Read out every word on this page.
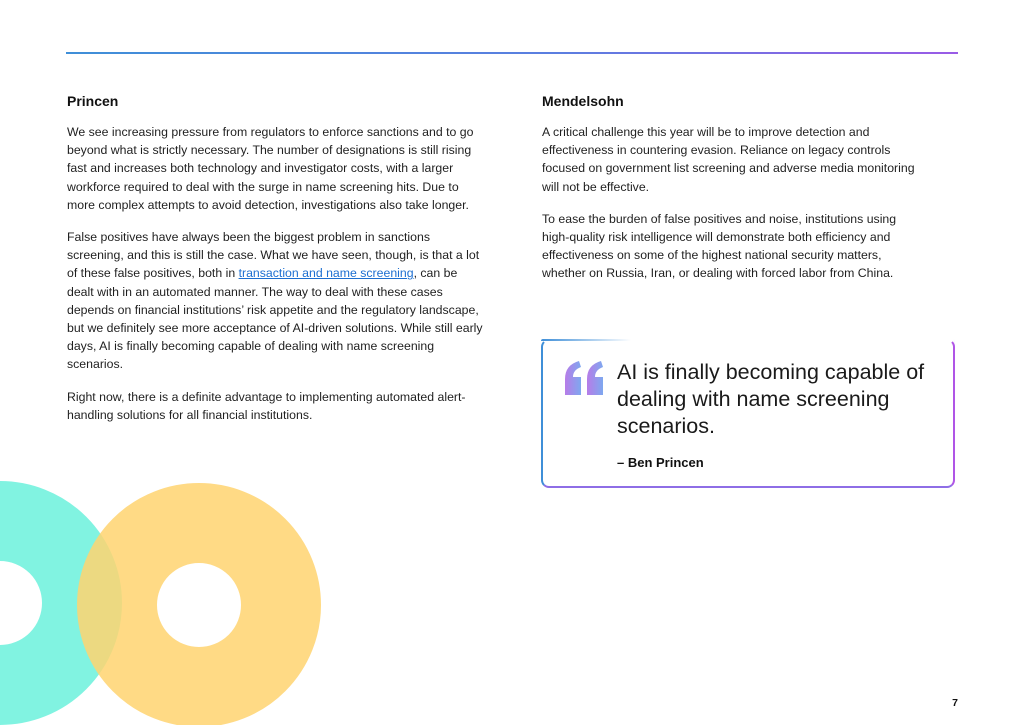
Princen

We see increasing pressure from regulators to enforce sanctions and to go beyond what is strictly necessary. The number of designations is still rising fast and increases both technology and investigator costs, with a larger workforce required to deal with the surge in name screening hits. Due to more complex attempts to avoid detection, investigations also take longer.

False positives have always been the biggest problem in sanctions screening, and this is still the case. What we have seen, though, is that a lot of these false positives, both in transaction and name screening, can be dealt with in an automated manner. The way to deal with these cases depends on financial institutions’ risk appetite and the regulatory landscape, but we definitely see more acceptance of AI-driven solutions. While still early days, AI is finally becoming capable of dealing with name screening scenarios.

Right now, there is a definite advantage to implementing automated alert-handling solutions for all financial institutions.

Mendelsohn

A critical challenge this year will be to improve detection and effectiveness in countering evasion. Reliance on legacy controls focused on government list screening and adverse media monitoring will not be effective.

To ease the burden of false positives and noise, institutions using high-quality risk intelligence will demonstrate both efficiency and effectiveness on some of the highest national security matters, whether on Russia, Iran, or dealing with forced labor from China.

AI is finally becoming capable of dealing with name screening scenarios.
– Ben Princen
7
